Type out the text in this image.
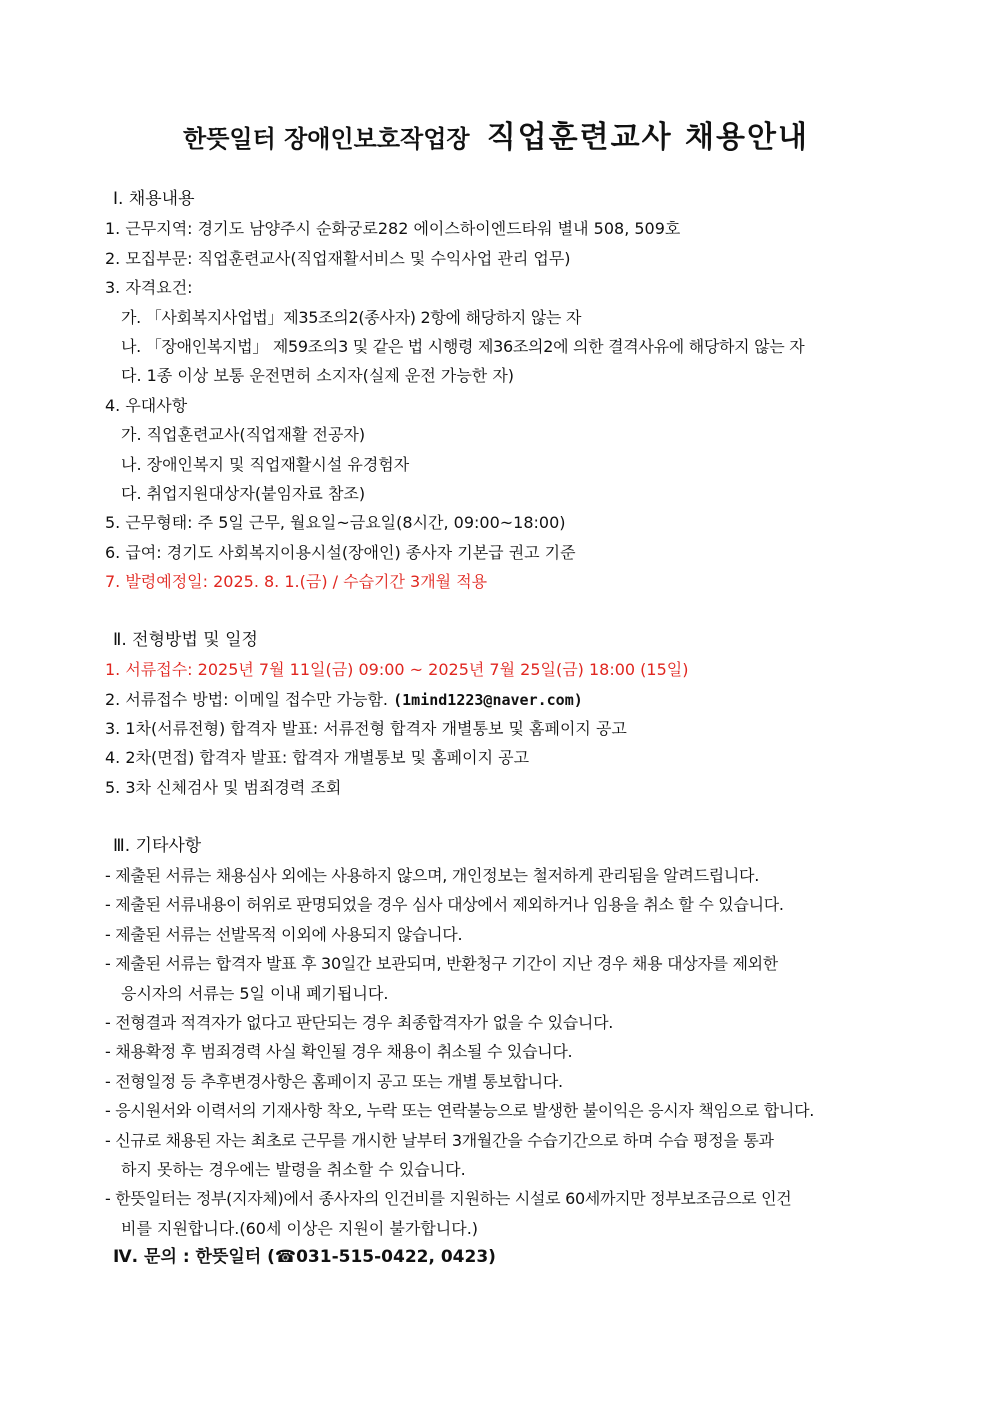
한뜻일터 장애인보호작업장 직업훈련교사 채용안내
Ⅰ. 채용내용
1. 근무지역: 경기도 남양주시 순화궁로282 에이스하이엔드타워 별내 508, 509호
2. 모집부문: 직업훈련교사(직업재활서비스 및 수익사업 관리 업무)
3. 자격요건:
가. 「사회복지사업법」제35조의2(종사자) 2항에 해당하지 않는 자
나. 「장애인복지법」 제59조의3 및 같은 법 시행령 제36조의2에 의한 결격사유에 해당하지 않는 자
다. 1종 이상 보통 운전면허 소지자(실제 운전 가능한 자)
4. 우대사항
가. 직업훈련교사(직업재활 전공자)
나. 장애인복지 및 직업재활시설 유경험자
다. 취업지원대상자(붙임자료 참조)
5. 근무형태: 주 5일 근무, 월요일~금요일(8시간, 09:00~18:00)
6. 급여: 경기도 사회복지이용시설(장애인) 종사자 기본급 권고 기준
7. 발령예정일: 2025. 8. 1.(금) / 수습기간 3개월 적용
Ⅱ. 전형방법 및 일정
1. 서류접수: 2025년 7월 11일(금) 09:00 ~ 2025년 7월 25일(금) 18:00 (15일)
2. 서류접수 방법: 이메일 접수만 가능함. (1mind1223@naver.com)
3. 1차(서류전형) 합격자 발표: 서류전형 합격자 개별통보 및 홈페이지 공고
4. 2차(면접) 합격자 발표: 합격자 개별통보 및 홈페이지 공고
5. 3차 신체검사 및 범죄경력 조회
Ⅲ. 기타사항
- 제출된 서류는 채용심사 외에는 사용하지 않으며, 개인정보는 철저하게 관리됨을 알려드립니다.
- 제출된 서류내용이 허위로 판명되었을 경우 심사 대상에서 제외하거나 임용을 취소 할 수 있습니다.
- 제출된 서류는 선발목적 이외에 사용되지 않습니다.
- 제출된 서류는 합격자 발표 후 30일간 보관되며, 반환청구 기간이 지난 경우 채용 대상자를 제외한
응시자의 서류는 5일 이내 폐기됩니다.
- 전형결과 적격자가 없다고 판단되는 경우 최종합격자가 없을 수 있습니다.
- 채용확정 후 범죄경력 사실 확인될 경우 채용이 취소될 수 있습니다.
- 전형일정 등 추후변경사항은 홈페이지 공고 또는 개별 통보합니다.
- 응시원서와 이력서의 기재사항 착오, 누락 또는 연락불능으로 발생한 불이익은 응시자 책임으로 합니다.
- 신규로 채용된 자는 최초로 근무를 개시한 날부터 3개월간을 수습기간으로 하며 수습 평정을 통과
하지 못하는 경우에는 발령을 취소할 수 있습니다.
- 한뜻일터는 정부(지자체)에서 종사자의 인건비를 지원하는 시설로 60세까지만 정부보조금으로 인건
비를 지원합니다.(60세 이상은 지원이 불가합니다.)
Ⅳ. 문의 : 한뜻일터 (☎031-515-0422, 0423)
